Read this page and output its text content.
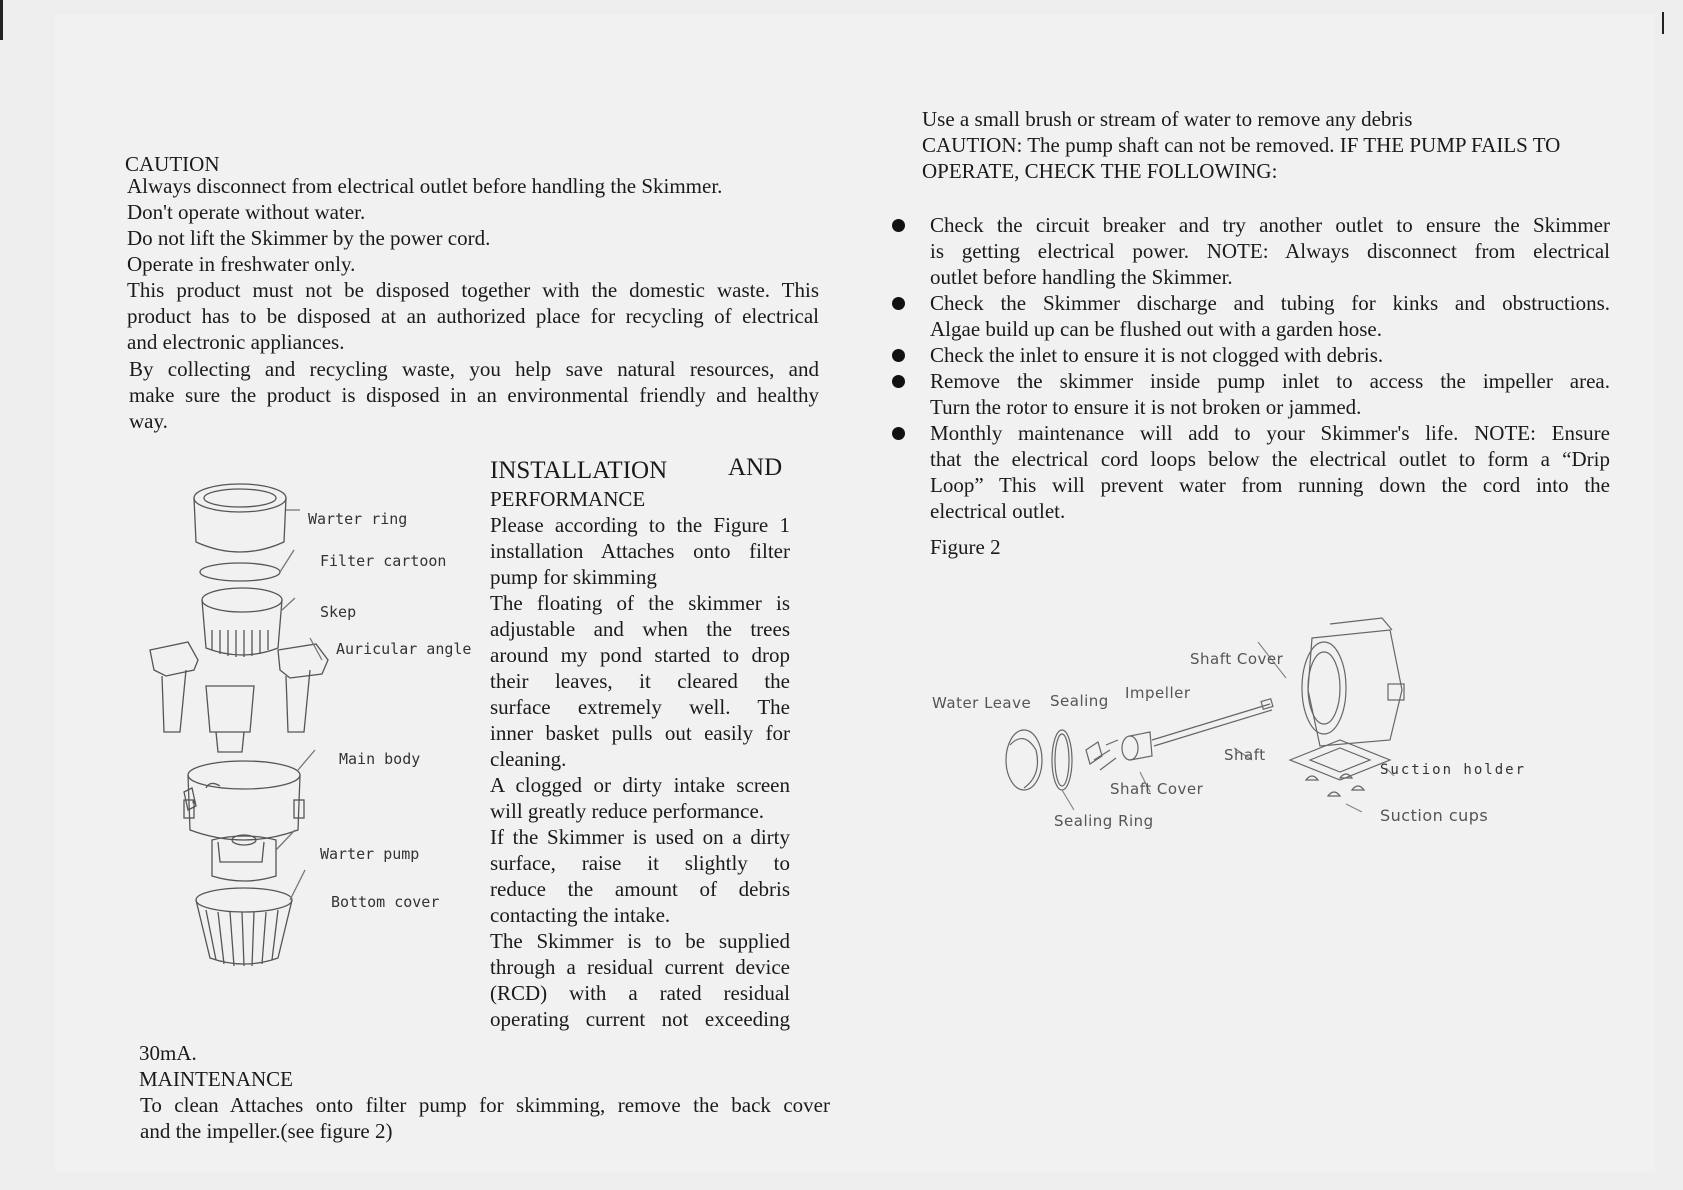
CAUTION
Always disconnect from electrical outlet before handling the Skimmer.
Don't operate without water.
Do not lift the Skimmer by the power cord.
Operate in freshwater only.
This product must not be disposed together with the domestic waste. This
product has to be disposed at an authorized place for recycling of electrical
and electronic appliances.
By collecting and recycling waste, you help save natural resources, and
make sure the product is disposed in an environmental friendly and healthy
way.
Warter ring
Filter cartoon
Skep
Auricular angle
Main body
Warter pump
Bottom cover
INSTALLATION AND
PERFORMANCE
Please according to the Figure 1
installation Attaches onto filter
pump for skimming
The floating of the skimmer is
adjustable and when the trees
around my pond started to drop
their leaves, it cleared the
surface extremely well. The
inner basket pulls out easily for
cleaning.
A clogged or dirty intake screen
will greatly reduce performance.
If the Skimmer is used on a dirty
surface, raise it slightly to
reduce the amount of debris
contacting the intake.
The Skimmer is to be supplied
through a residual current device
(RCD) with a rated residual
operating current not exceeding
30mA.
MAINTENANCE
To clean Attaches onto filter pump for skimming, remove the back cover
and the impeller.(see figure 2)
Use a small brush or stream of water to remove any debris
CAUTION: The pump shaft can not be removed. IF THE PUMP FAILS TO
OPERATE, CHECK THE FOLLOWING:
Check the circuit breaker and try another outlet to ensure the Skimmer
is getting electrical power. NOTE: Always disconnect from electrical
outlet before handling the Skimmer.
Check the Skimmer discharge and tubing for kinks and obstructions.
Algae build up can be flushed out with a garden hose.
Check the inlet to ensure it is not clogged with debris.
Remove the skimmer inside pump inlet to access the impeller area.
Turn the rotor to ensure it is not broken or jammed.
Monthly maintenance will add to your Skimmer's life. NOTE: Ensure
that the electrical cord loops below the electrical outlet to form a “Drip
Loop” This will prevent water from running down the cord into the
electrical outlet.
Figure 2
Water Leave Sealing Impeller
Shaft Cover
Shaft
Shaft Cover
Sealing Ring
Suction holder
Suction cups
